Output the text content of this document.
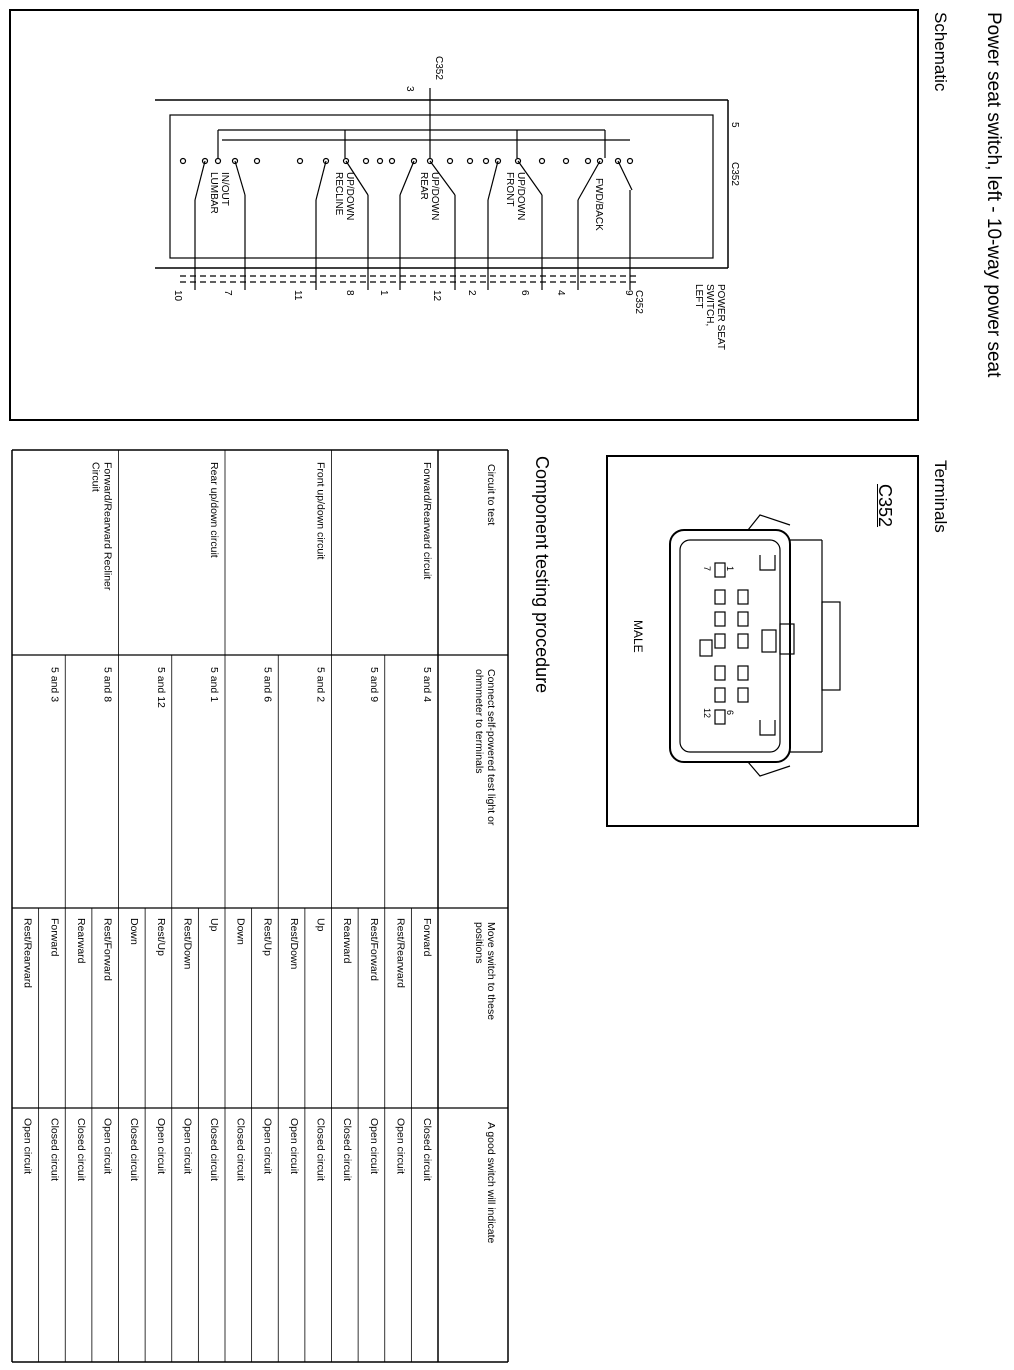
Power seat switch, left - 10-way power seat
Schematic
Terminals
Component testing procedure
C352
3
5
C352
POWER SEAT
SWITCH,
LEFT
C352
FWD/BACK
UP/DOWN
FRONT
UP/DOWN
REAR
UP/DOWN
RECLINE
IN/OUT
LUMBAR
9
4
6
2
12
1
8
11
7
10
C352
MALE
1
6
7
12
Circuit to test
Connect self-powered test light or
ohmmeter to terminals
Move switch to these
positions
A good switch will indicate
Forward/Rearward circuit
5 and 4
Forward
Closed circuit
Rest/Rearward
Open circuit
5 and 9
Rest/Forward
Open circuit
Rearward
Closed circuit
Front up/down circuit
5 and 2
Up
Closed circuit
Rest/Down
Open circuit
5 and 6
Rest/Up
Open circuit
Down
Closed circuit
Rear up/down circuit
5 and 1
Up
Closed circuit
Rest/Down
Open circuit
5 and 12
Rest/Up
Open circuit
Down
Closed circuit
Forward/Rearward Recliner
Circuit
5 and 8
Rest/Forward
Open circuit
Rearward
Closed circuit
5 and 3
Forward
Closed circuit
Rest/Rearward
Open circuit
